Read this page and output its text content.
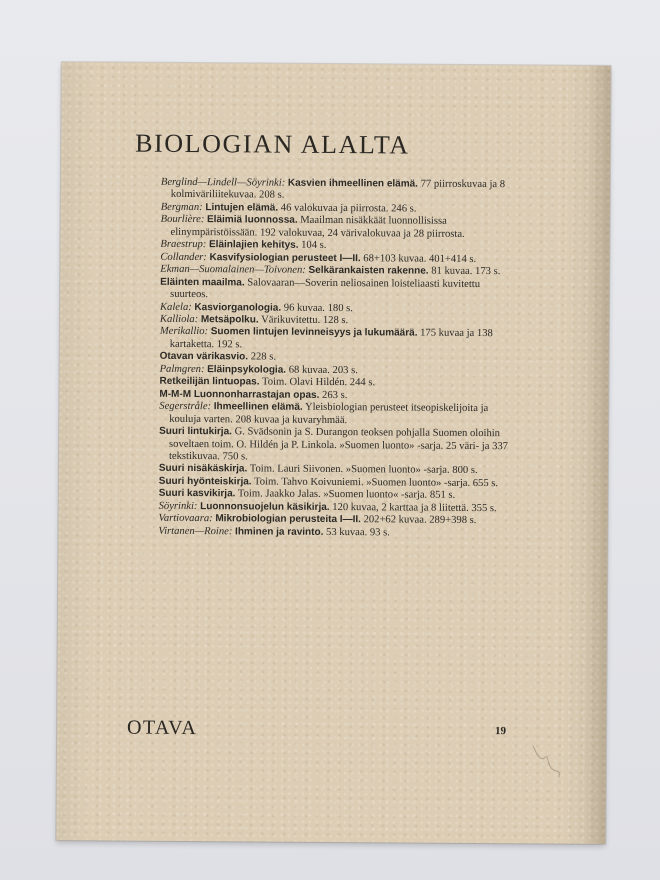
BIOLOGIAN ALALTA

Berglind—Lindell—Söyrinki: Kasvien ihmeellinen elämä. 77 piirroskuvaa ja 8 kolmiväriliitekuvaa. 208 s.

Bergman: Lintujen elämä. 46 valokuvaa ja piirrosta. 246 s.

Bourlière: Eläimiä luonnossa. Maailman nisäkkäät luonnollisissa elinympäristöissään. 192 valokuvaa, 24 värivalokuvaa ja 28 piirrosta.

Braestrup: Eläinlajien kehitys. 104 s.

Collander: Kasvifysiologian perusteet I—II. 68+103 kuvaa. 401+414 s.

Ekman—Suomalainen—Toivonen: Selkärankaisten rakenne. 81 kuvaa. 173 s.

Eläinten maailma. Salovaaran—Soverin neliosainen loisteliaasti kuvitettu suurteos.

Kalela: Kasviorganologia. 96 kuvaa. 180 s.

Kalliola: Metsäpolku. Värikuvitettu. 128 s.

Merikallio: Suomen lintujen levinneisyys ja lukumäärä. 175 kuvaa ja 138 kartaketta. 192 s.

Otavan värikasvio. 228 s.

Palmgren: Eläinpsykologia. 68 kuvaa. 203 s.

Retkeilijän lintuopas. Toim. Olavi Hildén. 244 s.

M-M-M Luonnonharrastajan opas. 263 s.

Segerstråle: Ihmeellinen elämä. Yleisbiologian perusteet itseopiskelijoita ja kouluja varten. 208 kuvaa ja kuvaryhmää.

Suuri lintukirja. G. Svädsonin ja S. Durangon teoksen pohjalla Suomen oloihin soveltaen toim. O. Hildén ja P. Linkola. »Suomen luonto» -sarja. 25 väri- ja 337 tekstikuvaa. 750 s.

Suuri nisäkäskirja. Toim. Lauri Siivonen. »Suomen luonto» -sarja. 800 s.

Suuri hyönteiskirja. Toim. Tahvo Koivuniemi. »Suomen luonto» -sarja. 655 s.

Suuri kasvikirja. Toim. Jaakko Jalas. »Suomen luonto« -sarja. 851 s.

Söyrinki: Luonnonsuojelun käsikirja. 120 kuvaa, 2 karttaa ja 8 liitettä. 355 s.

Vartiovaara: Mikrobiologian perusteita I—II. 202+62 kuvaa. 289+398 s.

Virtanen—Roine: Ihminen ja ravinto. 53 kuvaa. 93 s.

OTAVA	19
